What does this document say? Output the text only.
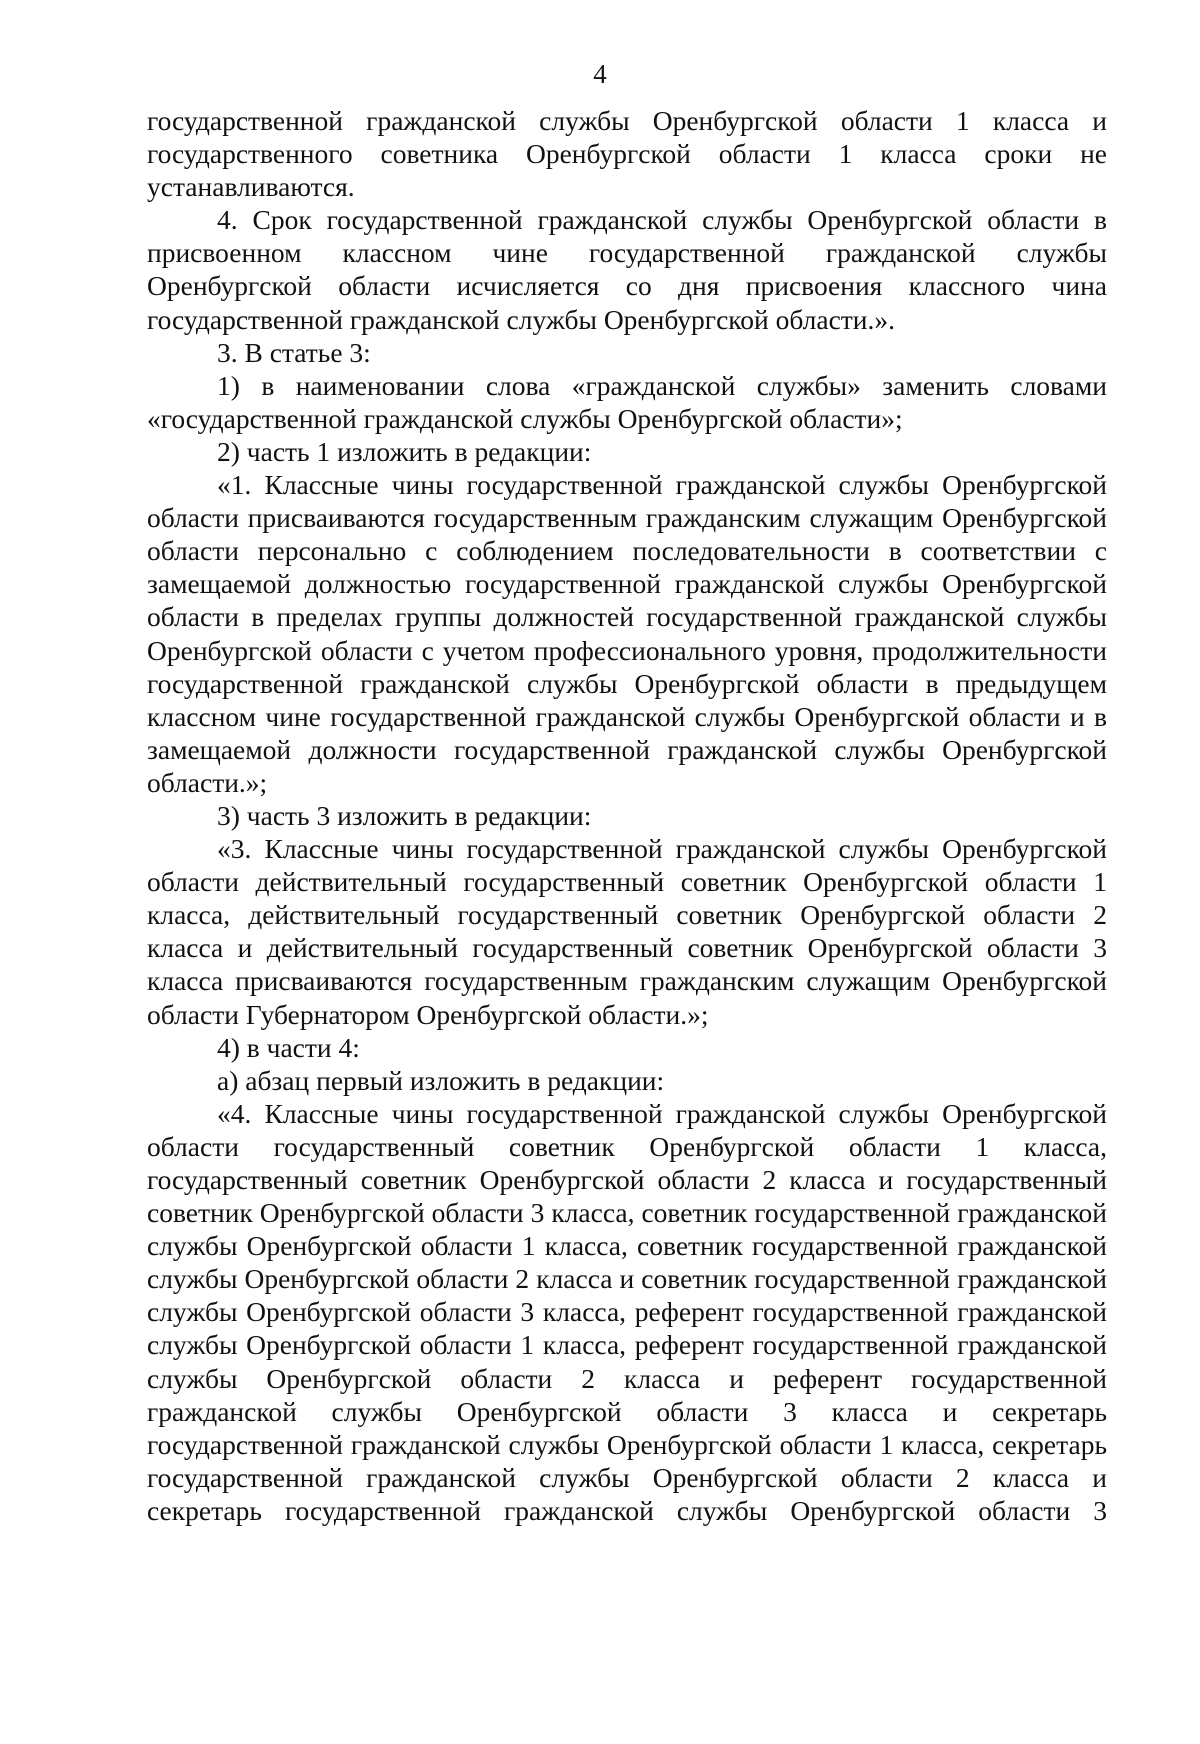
4

государственной гражданской службы Оренбургской области 1 класса и государственного советника Оренбургской области 1 класса сроки не устанавливаются.

4. Срок государственной гражданской службы Оренбургской области в присвоенном классном чине государственной гражданской службы Оренбургской области исчисляется со дня присвоения классного чина государственной гражданской службы Оренбургской области.».

3. В статье 3:

1) в наименовании слова «гражданской службы» заменить словами «государственной гражданской службы Оренбургской области»;

2) часть 1 изложить в редакции:

«1. Классные чины государственной гражданской службы Оренбургской области присваиваются государственным гражданским служащим Оренбургской области персонально с соблюдением последовательности в соответствии с замещаемой должностью государственной гражданской службы Оренбургской области в пределах группы должностей государственной гражданской службы Оренбургской области с учетом профессионального уровня, продолжительности государственной гражданской службы Оренбургской области в предыдущем классном чине государственной гражданской службы Оренбургской области и в замещаемой должности государственной гражданской службы Оренбургской области.»;

3) часть 3 изложить в редакции:

«3. Классные чины государственной гражданской службы Оренбургской области действительный государственный советник Оренбургской области 1 класса, действительный государственный советник Оренбургской области 2 класса и действительный государственный советник Оренбургской области 3 класса присваиваются государственным гражданским служащим Оренбургской области Губернатором Оренбургской области.»;

4) в части 4:

а) абзац первый изложить в редакции:

«4. Классные чины государственной гражданской службы Оренбургской области государственный советник Оренбургской области 1 класса, государственный советник Оренбургской области 2 класса и государственный советник Оренбургской области 3 класса, советник государственной гражданской службы Оренбургской области 1 класса, советник государственной гражданской службы Оренбургской области 2 класса и советник государственной гражданской службы Оренбургской области 3 класса, референт государственной гражданской службы Оренбургской области 1 класса, референт государственной гражданской службы Оренбургской области 2 класса и референт государственной гражданской службы Оренбургской области 3 класса и секретарь государственной гражданской службы Оренбургской области 1 класса, секретарь государственной гражданской службы Оренбургской области 2 класса и секретарь государственной гражданской службы Оренбургской области 3
